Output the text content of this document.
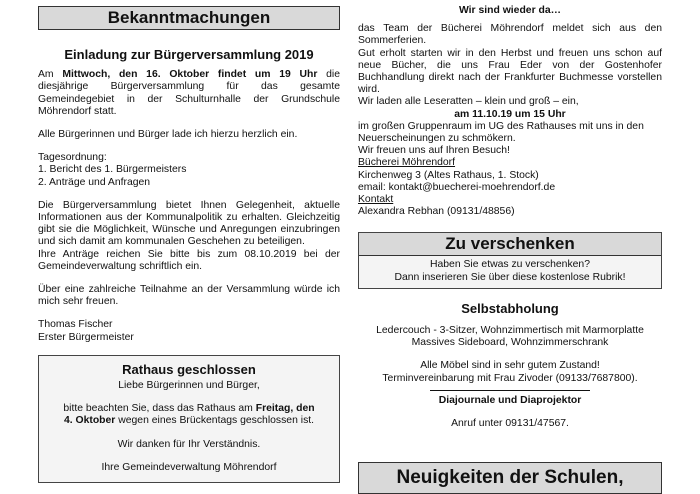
Bekanntmachungen
Einladung zur Bürgerversammlung 2019

Am Mittwoch, den 16. Oktober findet um 19 Uhr die diesjährige Bürgerversammlung für das gesamte Gemeindegebiet in der Schulturnhalle der Grundschule Möhrendorf statt.

Alle Bürgerinnen und Bürger lade ich hierzu herzlich ein.

Tagesordnung:

1. Bericht des 1. Bürgermeisters

2. Anträge und Anfragen

Die Bürgerversammlung bietet Ihnen Gelegenheit, aktuelle Informationen aus der Kommunalpolitik zu erhalten. Gleichzeitig gibt sie die Möglichkeit, Wünsche und Anregungen einzubringen und sich damit am kommunalen Geschehen zu beteiligen.

Ihre Anträge reichen Sie bitte bis zum 08.10.2019 bei der Gemeindeverwaltung schriftlich ein.

Über eine zahlreiche Teilnahme an der Versammlung würde ich mich sehr freuen.

Thomas Fischer

Erster Bürgermeister

Rathaus geschlossen

Liebe Bürgerinnen und Bürger,

bitte beachten Sie, dass das Rathaus am Freitag, den 4. Oktober wegen eines Brückentags geschlossen ist.

Wir danken für Ihr Verständnis.

Ihre Gemeindeverwaltung Möhrendorf

Wir sind wieder da…

das Team der Bücherei Möhrendorf meldet sich aus den Sommerferien.

Gut erholt starten wir in den Herbst und freuen uns schon auf neue Bücher, die uns Frau Eder von der Gostenhofer Buchhandlung direkt nach der Frankfurter Buchmesse vorstellen wird.

Wir laden alle Leseratten – klein und groß – ein,

am 11.10.19 um 15 Uhr

im großen Gruppenraum im UG des Rathauses mit uns in den Neuerscheinungen zu schmökern.

Wir freuen uns auf Ihren Besuch!

Bücherei Möhrendorf

Kirchenweg 3 (Altes Rathaus, 1. Stock)

email: kontakt@buecherei-moehrendorf.de

Kontakt

Alexandra Rebhan (09131/48856)

Zu verschenken

Haben Sie etwas zu verschenken?

Dann inserieren Sie über diese kostenlose Rubrik!

Selbstabholung

Ledercouch - 3-Sitzer, Wohnzimmertisch mit Marmorplatte

Massives Sideboard, Wohnzimmerschrank

Alle Möbel sind in sehr gutem Zustand!

Terminvereinbarung mit Frau Zivoder (09133/7687800).

Diajournale und Diaprojektor

Anruf unter 09131/47567.

Neuigkeiten der Schulen,
